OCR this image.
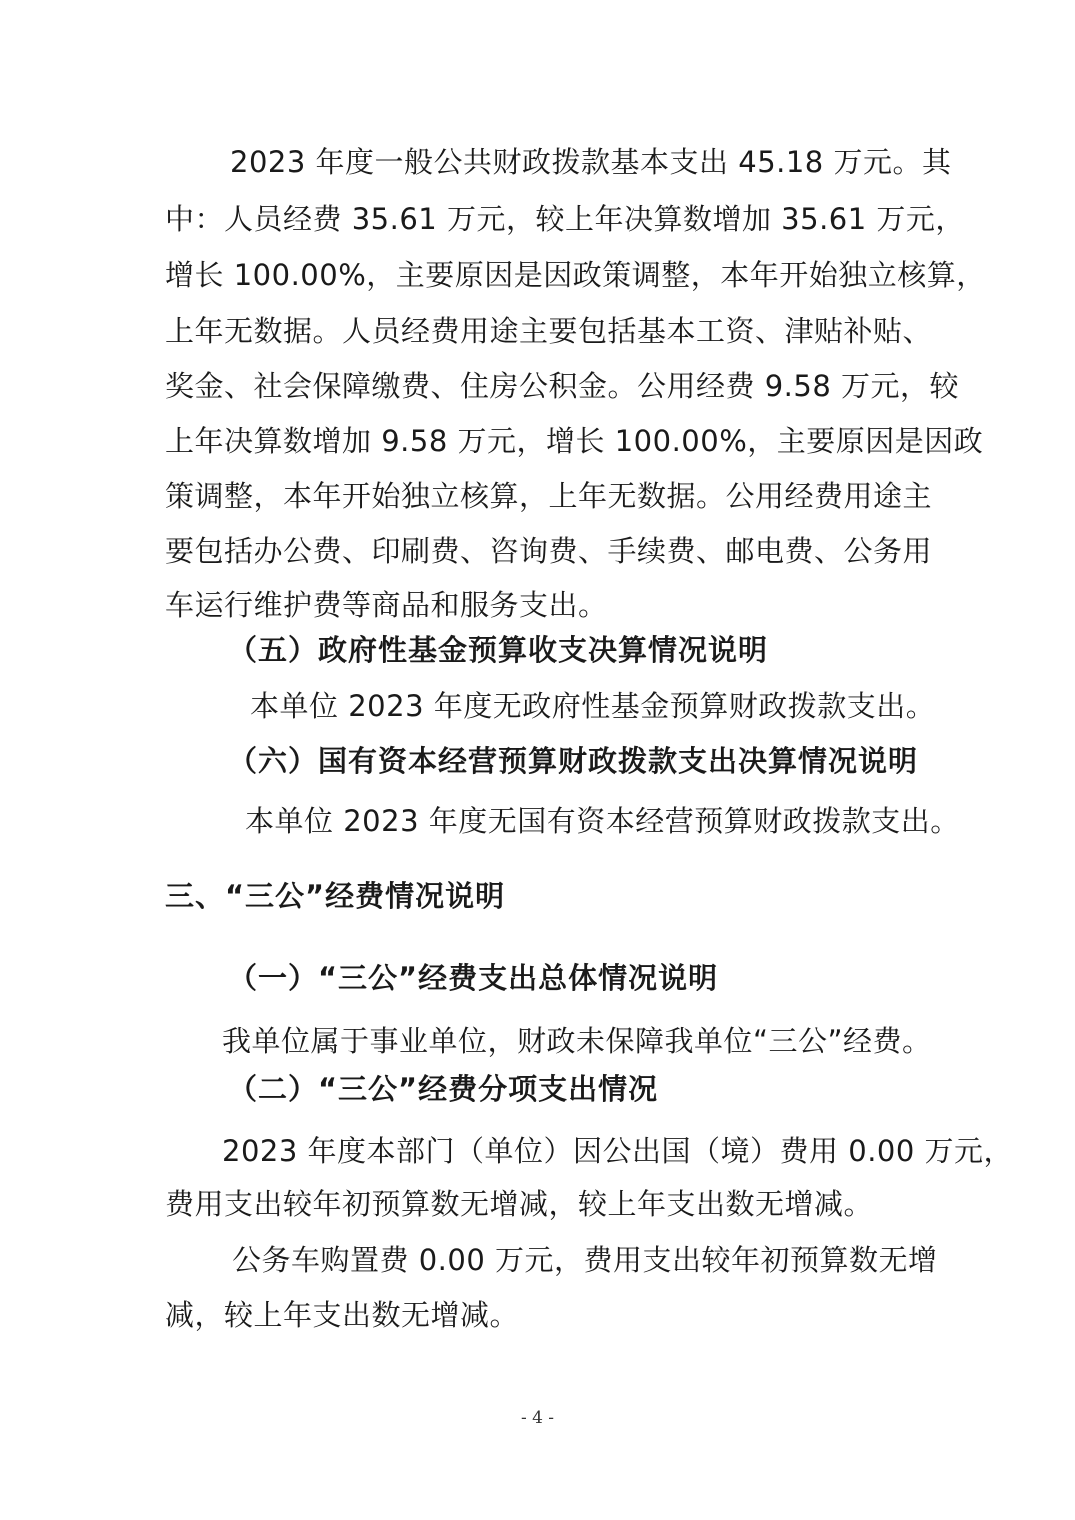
2023 年度一般公共财政拨款基本支出 45.18 万元。其
中：人员经费 35.61 万元，较上年决算数增加 35.61 万元，
增长 100.00%，主要原因是因政策调整，本年开始独立核算，
上年无数据。人员经费用途主要包括基本工资、津贴补贴、
奖金、社会保障缴费、住房公积金。公用经费 9.58 万元，较
上年决算数增加 9.58 万元，增长 100.00%，主要原因是因政
策调整，本年开始独立核算，上年无数据。公用经费用途主
要包括办公费、印刷费、咨询费、手续费、邮电费、公务用
车运行维护费等商品和服务支出。
（五）政府性基金预算收支决算情况说明
本单位 2023 年度无政府性基金预算财政拨款支出。
（六）国有资本经营预算财政拨款支出决算情况说明
本单位 2023 年度无国有资本经营预算财政拨款支出。
三、“三公”经费情况说明
（一）“三公”经费支出总体情况说明
我单位属于事业单位，财政未保障我单位“三公”经费。
（二）“三公”经费分项支出情况
2023 年度本部门（单位）因公出国（境）费用 0.00 万元，
费用支出较年初预算数无增减，较上年支出数无增减。
公务车购置费 0.00 万元，费用支出较年初预算数无增
减，较上年支出数无增减。
- 4 -
